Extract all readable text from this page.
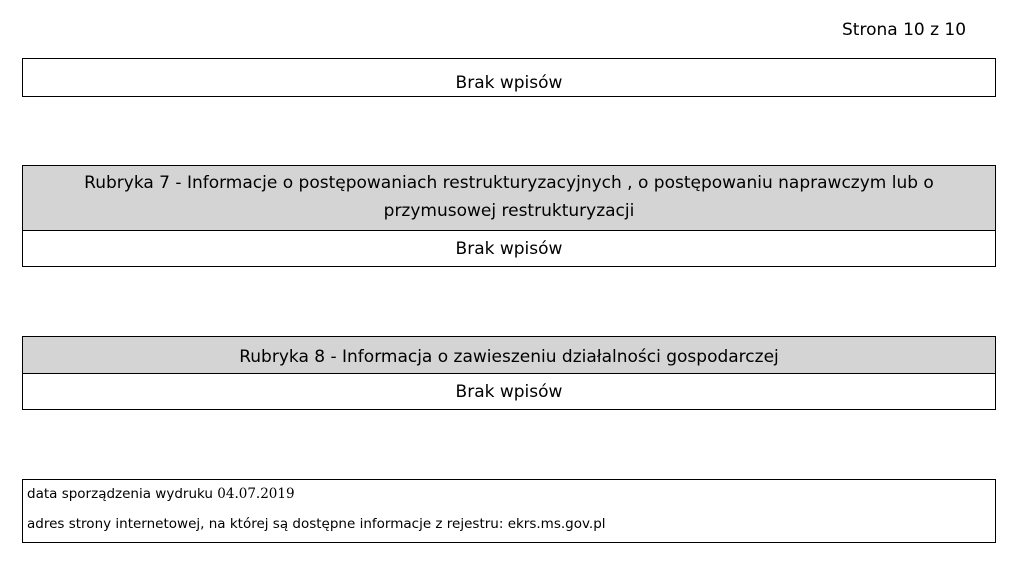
Strona 10 z 10
Brak wpisów
Rubryka 7 - Informacje o postępowaniach restrukturyzacyjnych , o postępowaniu naprawczym lub o przymusowej restrukturyzacji
Brak wpisów
Rubryka 8 - Informacja o zawieszeniu działalności gospodarczej
Brak wpisów
data sporządzenia wydruku 04.07.2019
adres strony internetowej, na której są dostępne informacje z rejestru: ekrs.ms.gov.pl
